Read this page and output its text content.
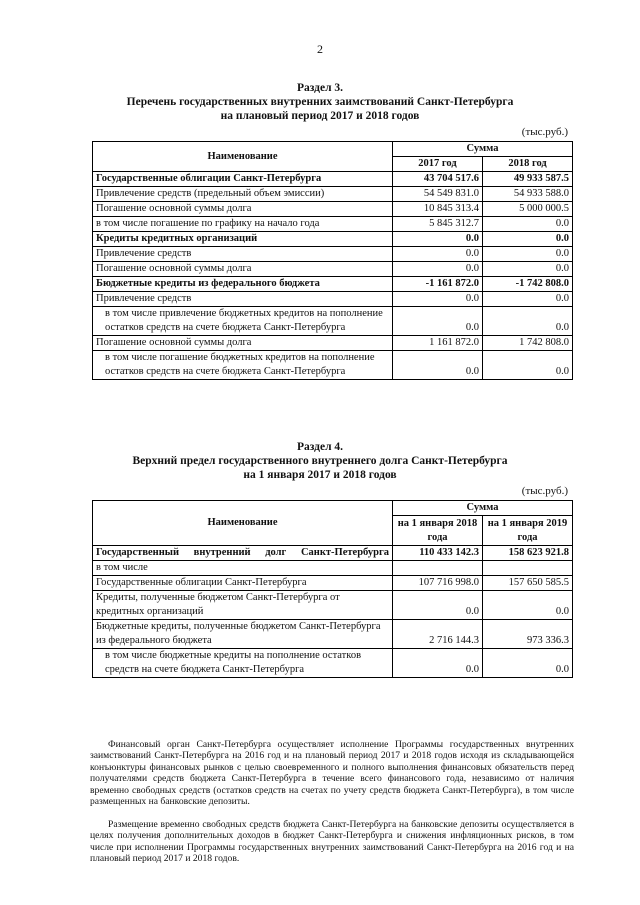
2
Раздел 3.
Перечень государственных внутренних заимствований Санкт-Петербурга
на плановый период 2017 и 2018 годов
(тыс.руб.)
Наименование	Сумма	
	2017 год	2018 год
Государственные облигации Санкт-Петербурга	43 704 517.6	49 933 587.5
Привлечение средств (предельный объем эмиссии)	54 549 831.0	54 933 588.0
Погашение основной суммы долга	10 845 313.4	5 000 000.5
в том числе погашение по графику на начало года	5 845 312.7	0.0
Кредиты кредитных организаций	0.0	0.0
Привлечение средств	0.0	0.0
Погашение основной суммы долга	0.0	0.0
Бюджетные кредиты из федерального бюджета	-1 161 872.0	-1 742 808.0
Привлечение средств	0.0	0.0
в том числе привлечение бюджетных кредитов на пополнение остатков средств на счете бюджета Санкт-Петербурга	0.0	0.0
Погашение основной суммы долга	1 161 872.0	1 742 808.0
в том числе погашение бюджетных кредитов на пополнение остатков средств на счете бюджета Санкт-Петербурга	0.0	0.0
Раздел 4.
Верхний предел государственного внутреннего долга Санкт-Петербурга
на 1 января 2017 и 2018 годов
(тыс.руб.)
Наименование	Сумма	
	на 1 января 2018 года	на 1 января 2019 года
Государственный внутренний долг Санкт-Петербурга	110 433 142.3	158 623 921.8
в том числе		
Государственные облигации Санкт-Петербурга	107 716 998.0	157 650 585.5
Кредиты, полученные бюджетом Санкт-Петербурга от кредитных организаций	0.0	0.0
Бюджетные кредиты, полученные бюджетом Санкт-Петербурга из федерального бюджета	2 716 144.3	973 336.3
в том числе бюджетные кредиты на пополнение остатков средств на счете бюджета Санкт-Петербурга	0.0	0.0
Финансовый орган Санкт-Петербурга осуществляет исполнение Программы государственных внутренних заимствований Санкт-Петербурга на 2016 год и на плановый период 2017 и 2018 годов исходя из складывающейся конъюнктуры финансовых рынков с целью своевременного и полного выполнения финансовых обязательств перед получателями средств бюджета Санкт-Петербурга в течение всего финансового года, независимо от наличия временно свободных средств (остатков средств на счетах по учету средств бюджета Санкт-Петербурга), в том числе размещенных на банковские депозиты.
Размещение временно свободных средств бюджета Санкт-Петербурга на банковские депозиты осуществляется в целях получения дополнительных доходов в бюджет Санкт-Петербурга и снижения инфляционных рисков, в том числе при исполнении Программы государственных внутренних заимствований Санкт-Петербурга на 2016 год и на плановый период 2017 и 2018 годов.
